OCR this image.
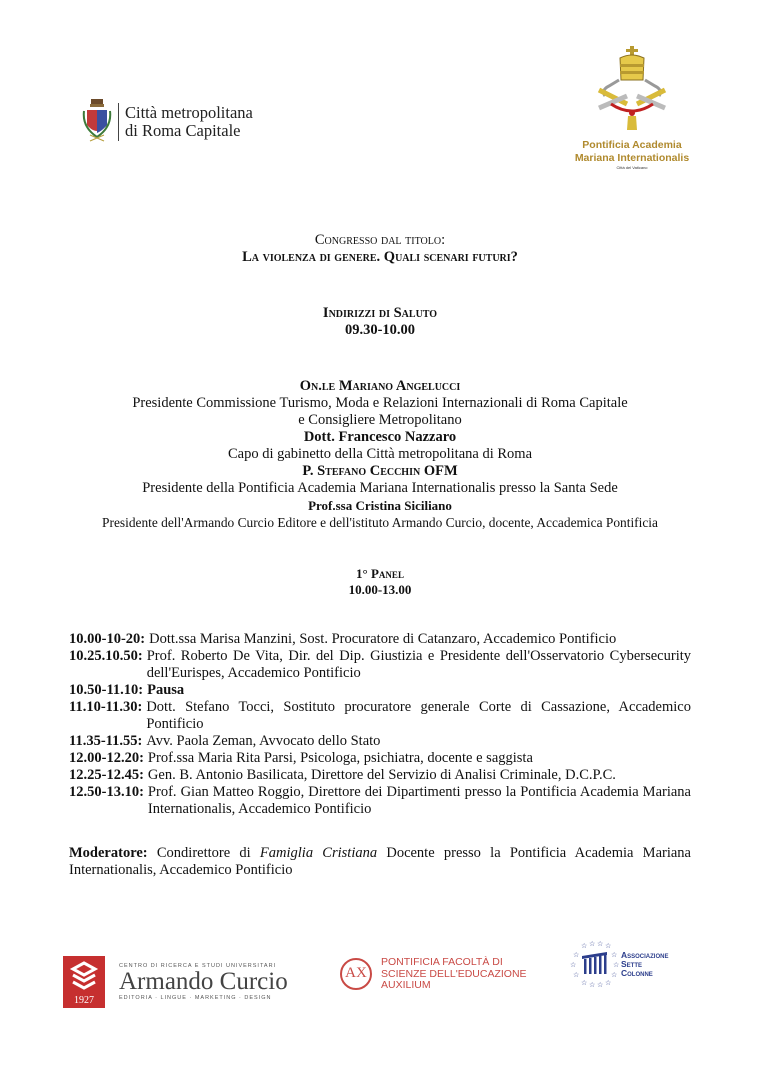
Città metropolitana
di Roma Capitale
Pontificia Academia
Mariana Internationalis
Città del Vaticano
Congresso dal titolo:
La violenza di genere. Quali scenari futuri?
Indirizzi di Saluto
09.30-10.00
On.le Mariano Angelucci
Presidente Commissione Turismo, Moda e Relazioni Internazionali di Roma Capitale
e Consigliere Metropolitano
Dott. Francesco Nazzaro
Capo di gabinetto della Città metropolitana di Roma
P. Stefano Cecchin OFM
Presidente della Pontificia Academia Mariana Internationalis presso la Santa Sede
Prof.ssa Cristina Siciliano
Presidente dell'Armando Curcio Editore e dell'istituto Armando Curcio, docente, Accademica Pontificia
1° Panel
10.00-13.00
10.00-10-20: Dott.ssa Marisa Manzini, Sost. Procuratore di Catanzaro, Accademico Pontificio
10.25.10.50: Prof. Roberto De Vita, Dir. del Dip. Giustizia e Presidente dell'Osservatorio Cybersecurity dell'Eurispes, Accademico Pontificio
10.50-11.10: Pausa
11.10-11.30: Dott. Stefano Tocci, Sostituto procuratore generale Corte di Cassazione, Accademico Pontificio
11.35-11.55: Avv. Paola Zeman, Avvocato dello Stato
12.00-12.20: Prof.ssa Maria Rita Parsi, Psicologa, psichiatra, docente e saggista
12.25-12.45: Gen. B. Antonio Basilicata, Direttore del Servizio di Analisi Criminale, D.C.P.C.
12.50-13.10: Prof. Gian Matteo Roggio, Direttore dei Dipartimenti presso la Pontificia Academia Mariana Internationalis, Accademico Pontificio
Moderatore: Condirettore di Famiglia Cristiana Docente presso la Pontificia Academia Mariana Internationalis, Accademico Pontificio
1927
CENTRO DI RICERCA E STUDI UNIVERSITARI
Armando Curcio
EDITORIA · LINGUE · MARKETING · DESIGN
AX
PONTIFICIA FACOLTÀ DI
SCIENZE DELL'EDUCAZIONE
AUXILIUM
☆ ☆ ☆ ☆
☆	☆
☆	☆
☆	☆
☆ ☆ ☆ ☆
Associazione
Sette
Colonne
